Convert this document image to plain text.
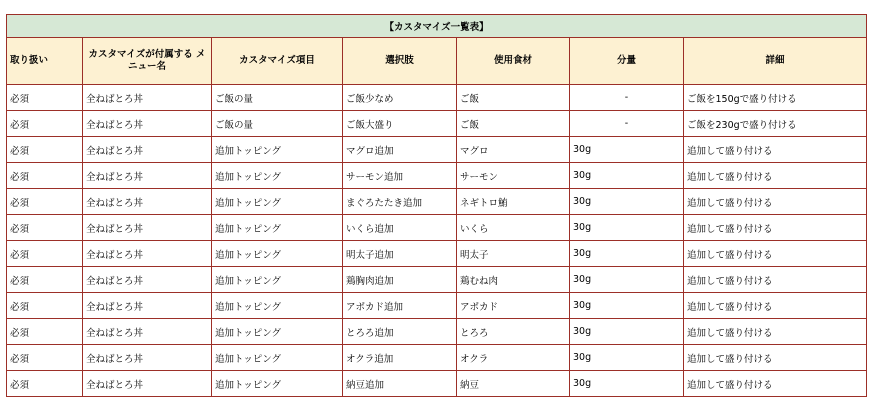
【カスタマイズ一覧表】						
取り扱い	カスタマイズが付属する メニュー名	カスタマイズ項目	選択肢	使用食材	分量	詳細
必須	全ねばとろ丼	ご飯の量	ご飯少なめ	ご飯	-	ご飯を150gで盛り付ける
必須	全ねばとろ丼	ご飯の量	ご飯大盛り	ご飯	-	ご飯を230gで盛り付ける
必須	全ねばとろ丼	追加トッピング	マグロ追加	マグロ	30g	追加して盛り付ける
必須	全ねばとろ丼	追加トッピング	サーモン追加	サーモン	30g	追加して盛り付ける
必須	全ねばとろ丼	追加トッピング	まぐろたたき追加	ネギトロ鮪	30g	追加して盛り付ける
必須	全ねばとろ丼	追加トッピング	いくら追加	いくら	30g	追加して盛り付ける
必須	全ねばとろ丼	追加トッピング	明太子追加	明太子	30g	追加して盛り付ける
必須	全ねばとろ丼	追加トッピング	鶏胸肉追加	鶏むね肉	30g	追加して盛り付ける
必須	全ねばとろ丼	追加トッピング	アボカド追加	アボカド	30g	追加して盛り付ける
必須	全ねばとろ丼	追加トッピング	とろろ追加	とろろ	30g	追加して盛り付ける
必須	全ねばとろ丼	追加トッピング	オクラ追加	オクラ	30g	追加して盛り付ける
必須	全ねばとろ丼	追加トッピング	納豆追加	納豆	30g	追加して盛り付ける
